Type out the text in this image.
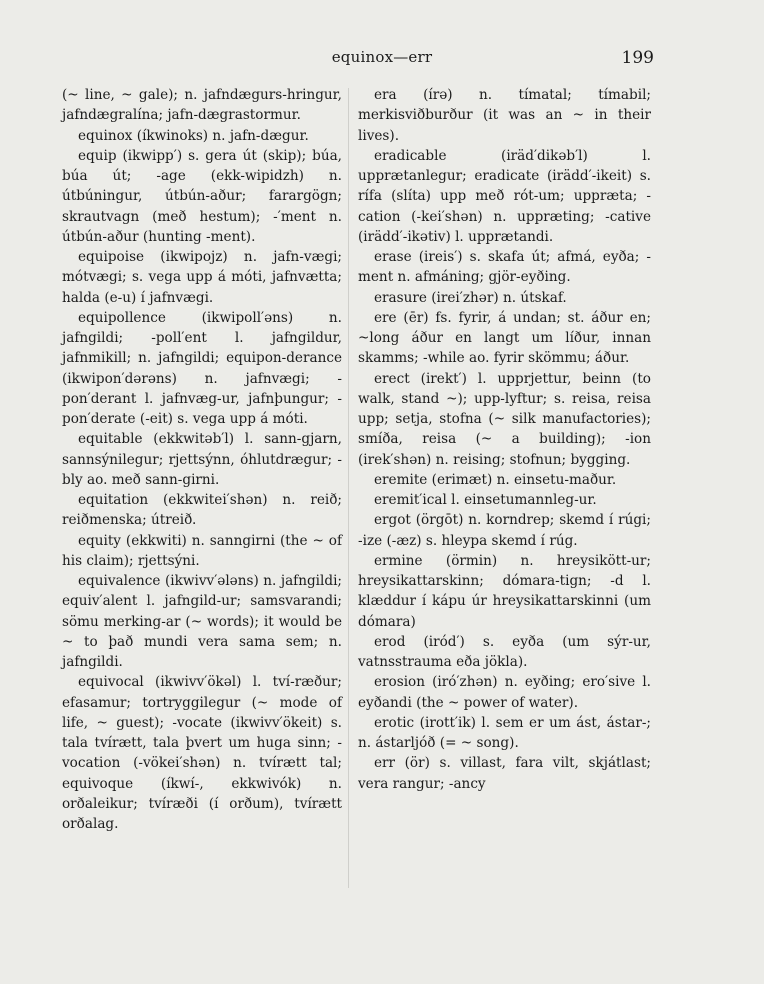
equinox—err	199

(~ line, ~ gale); n. jafndægurs-hringur, jafndægralína; jafn-dægrastormur.

equinox (íkwinoks) n. jafn-dægur.

equip (ikwipp′) s. gera út (skip); búa, búa út; -age (ekk-wipidzh) n. útbúningur, útbún-aður; farargögn; skrautvagn (með hestum); -′ment n. útbún-aður (hunting -ment).

equipoise (ikwipojz) n. jafn-vægi; mótvægi; s. vega upp á móti, jafnvætta; halda (e-u) í jafnvægi.

equipollence (ikwipoll′əns) n. jafngildi; -poll′ent l. jafngildur, jafnmikill; n. jafngildi; equipon-derance (ikwipon′dərəns) n. jafnvægi; -pon′derant l. jafnvæg-ur, jafnþungur; -pon′derate (-eit) s. vega upp á móti.

equitable (ekkwitəb′l) l. sann-gjarn, sannsýnilegur; rjettsýnn, óhlutdrægur; -bly ao. með sann-girni.

equitation (ekkwitei′shən) n. reið; reiðmenska; útreið.

equity (ekkwiti) n. sanngirni (the ~ of his claim); rjettsýni.

equivalence (ikwivv′ələns) n. jafngildi; equiv′alent l. jafngild-ur; samsvarandi; sömu merking-ar (~ words); it would be ~ to það mundi vera sama sem; n. jafngildi.

equivocal (ikwivv′ökəl) l. tví-ræður; efasamur; tortryggilegur (~ mode of life, ~ guest); -vocate (ikwivv′ökeit) s. tala tvírætt, tala þvert um huga sinn; -vocation (-vökei′shən) n. tvírætt tal; equivoque (íkwí-, ekkwivók) n. orðaleikur; tvíræði (í orðum), tvírætt orðalag.

era (írə) n. tímatal; tímabil; merkisviðburður (it was an ~ in their lives).

eradicable (iräd′dikəb′l) l. upprætanlegur; eradicate (irädd′-ikeit) s. rífa (slíta) upp með rót-um; uppræta; -cation (-kei′shən) n. uppræting; -cative (irädd′-ikətiv) l. upprætandi.

erase (ireis′) s. skafa út; afmá, eyða; -ment n. afmáning; gjör-eyðing.

erasure (irei′zhər) n. útskaf.

ere (ēr) fs. fyrir, á undan; st. áður en; ~long áður en langt um líður, innan skamms; -while ao. fyrir skömmu; áður.

erect (irekt′) l. upprjettur, beinn (to walk, stand ~); upp-lyftur; s. reisa, reisa upp; setja, stofna (~ silk manufactories); smíða, reisa (~ a building); -ion (irek′shən) n. reising; stofnun; bygging.

eremite (erimæt) n. einsetu-maður.

eremit′ical l. einsetumannleg-ur.

ergot (örgōt) n. korndrep; skemd í rúgi; -ize (-æz) s. hleypa skemd í rúg.

ermine (örmin) n. hreysikött-ur; hreysikattarskinn; dómara-tign; -d l. klæddur í kápu úr hreysikattarskinni (um dómara)

erod (iród′) s. eyða (um sýr-ur, vatnsstrauma eða jökla).

erosion (iró′zhən) n. eyðing; ero′sive l. eyðandi (the ~ power of water).

erotic (irott′ik) l. sem er um ást, ástar-; n. ástarljóð (= ~ song).

err (ör) s. villast, fara vilt, skjátlast; vera rangur; -ancy
